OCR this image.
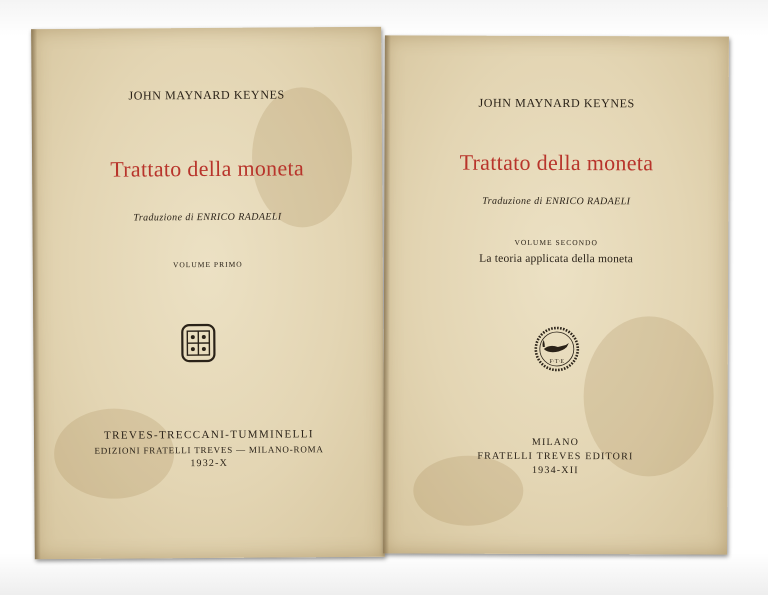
JOHN MAYNARD KEYNES
Trattato della moneta
Traduzione di ENRICO RADAELI
VOLUME PRIMO
TREVES-TRECCANI-TUMMINELLI
EDIZIONI FRATELLI TREVES — MILANO-ROMA
1932-X
JOHN MAYNARD KEYNES
Trattato della moneta
Traduzione di ENRICO RADAELI
VOLUME SECONDO
La teoria applicata della moneta
F·T·E
MILANO
FRATELLI TREVES EDITORI
1934-XII
